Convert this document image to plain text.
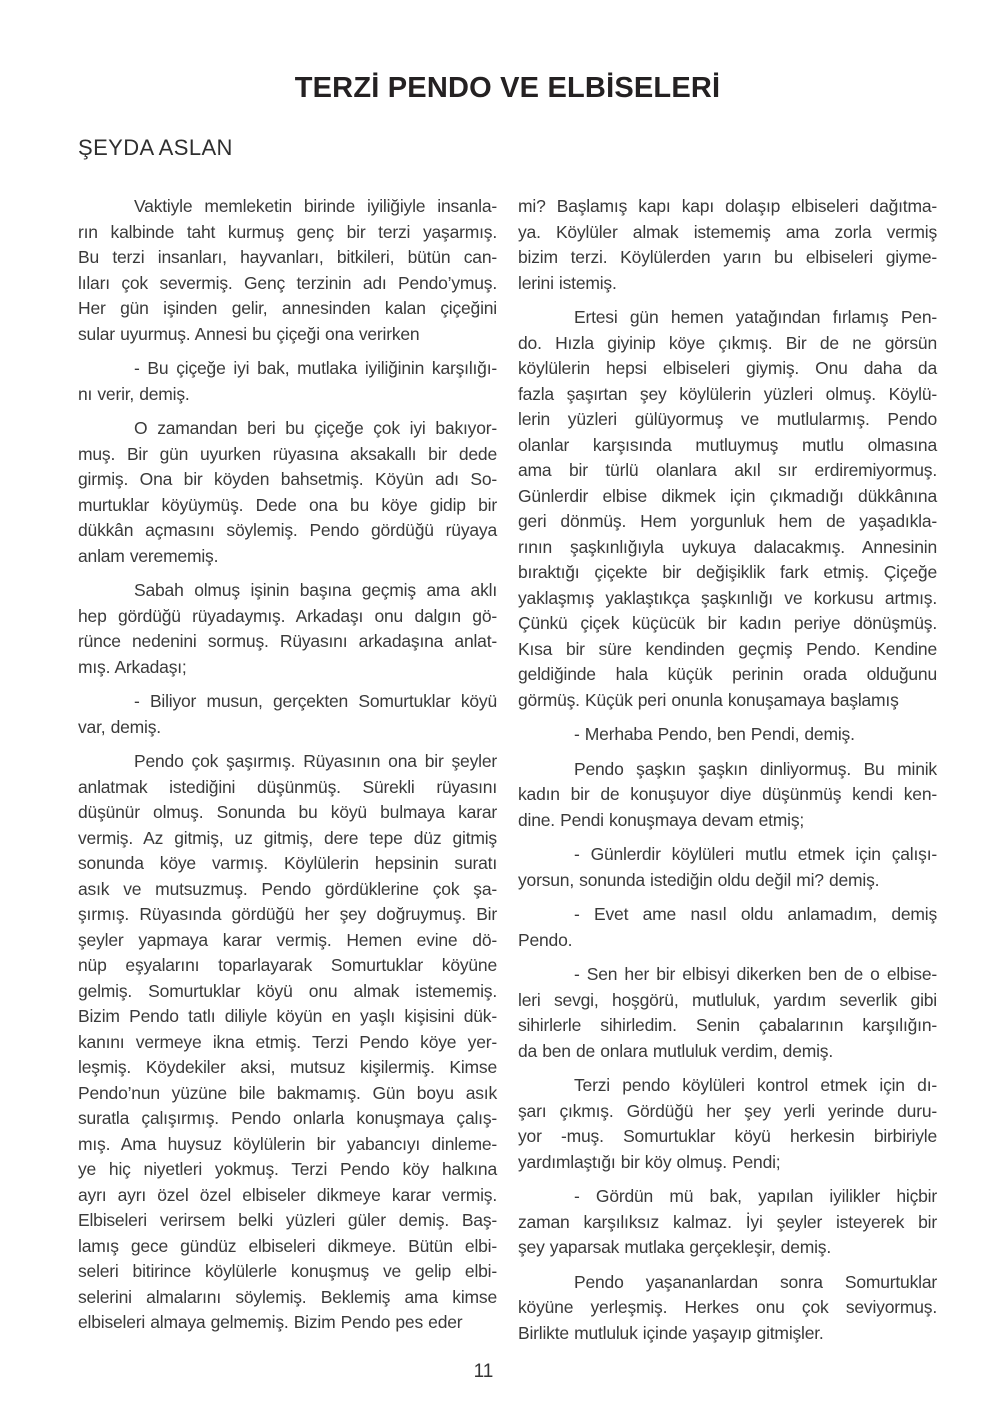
TERZİ PENDO VE ELBİSELERİ
ŞEYDA ASLAN
Vaktiyle memleketin birinde iyiliğiyle insanla-
rın kalbinde taht kurmuş genç bir terzi yaşarmış.
Bu terzi insanları, hayvanları, bitkileri, bütün can-
lıları çok severmiş. Genç terzinin adı Pendo’ymuş.
Her gün işinden gelir, annesinden kalan çiçeğini
sular uyurmuş. Annesi bu çiçeği ona verirken
- Bu çiçeğe iyi bak, mutlaka iyiliğinin karşılığı-
nı verir, demiş.
O zamandan beri bu çiçeğe çok iyi bakıyor-
muş. Bir gün uyurken rüyasına aksakallı bir dede
girmiş. Ona bir köyden bahsetmiş. Köyün adı So-
murtuklar köyüymüş. Dede ona bu köye gidip bir
dükkân açmasını söylemiş. Pendo gördüğü rüyaya
anlam verememiş.
Sabah olmuş işinin başına geçmiş ama aklı
hep gördüğü rüyadaymış. Arkadaşı onu dalgın gö-
rünce nedenini sormuş. Rüyasını arkadaşına anlat-
mış. Arkadaşı;
- Biliyor musun, gerçekten Somurtuklar köyü
var, demiş.
Pendo çok şaşırmış. Rüyasının ona bir şeyler
anlatmak istediğini düşünmüş. Sürekli rüyasını
düşünür olmuş. Sonunda bu köyü bulmaya karar
vermiş. Az gitmiş, uz gitmiş, dere tepe düz gitmiş
sonunda köye varmış. Köylülerin hepsinin suratı
asık ve mutsuzmuş. Pendo gördüklerine çok şa-
şırmış. Rüyasında gördüğü her şey doğruymuş. Bir
şeyler yapmaya karar vermiş. Hemen evine dö-
nüp eşyalarını toparlayarak Somurtuklar köyüne
gelmiş. Somurtuklar köyü onu almak istememiş.
Bizim Pendo tatlı diliyle köyün en yaşlı kişisini dük-
kanını vermeye ikna etmiş. Terzi Pendo köye yer-
leşmiş. Köydekiler aksi, mutsuz kişilermiş. Kimse
Pendo’nun yüzüne bile bakmamış. Gün boyu asık
suratla çalışırmış. Pendo onlarla konuşmaya çalış-
mış. Ama huysuz köylülerin bir yabancıyı dinleme-
ye hiç niyetleri yokmuş. Terzi Pendo köy halkına
ayrı ayrı özel özel elbiseler dikmeye karar vermiş.
Elbiseleri verirsem belki yüzleri güler demiş. Baş-
lamış gece gündüz elbiseleri dikmeye. Bütün elbi-
seleri bitirince köylülerle konuşmuş ve gelip elbi-
selerini almalarını söylemiş. Beklemiş ama kimse
elbiseleri almaya gelmemiş. Bizim Pendo pes eder
mi? Başlamış kapı kapı dolaşıp elbiseleri dağıtma-
ya. Köylüler almak istememiş ama zorla vermiş
bizim terzi. Köylülerden yarın bu elbiseleri giyme-
lerini istemiş.
Ertesi gün hemen yatağından fırlamış Pen-
do. Hızla giyinip köye çıkmış. Bir de ne görsün
köylülerin hepsi elbiseleri giymiş. Onu daha da
fazla şaşırtan şey köylülerin yüzleri olmuş. Köylü-
lerin yüzleri gülüyormuş ve mutlularmış. Pendo
olanlar karşısında mutluymuş mutlu olmasına
ama bir türlü olanlara akıl sır erdiremiyormuş.
Günlerdir elbise dikmek için çıkmadığı dükkânına
geri dönmüş. Hem yorgunluk hem de yaşadıkla-
rının şaşkınlığıyla uykuya dalacakmış. Annesinin
bıraktığı çiçekte bir değişiklik fark etmiş. Çiçeğe
yaklaşmış yaklaştıkça şaşkınlığı ve korkusu artmış.
Çünkü çiçek küçücük bir kadın periye dönüşmüş.
Kısa bir süre kendinden geçmiş Pendo. Kendine
geldiğinde hala küçük perinin orada olduğunu
görmüş. Küçük peri onunla konuşamaya başlamış
- Merhaba Pendo, ben Pendi, demiş.
Pendo şaşkın şaşkın dinliyormuş. Bu minik
kadın bir de konuşuyor diye düşünmüş kendi ken-
dine. Pendi konuşmaya devam etmiş;
- Günlerdir köylüleri mutlu etmek için çalışı-
yorsun, sonunda istediğin oldu değil mi? demiş.
- Evet ame nasıl oldu anlamadım, demiş
Pendo.
- Sen her bir elbisyi dikerken ben de o elbise-
leri sevgi, hoşgörü, mutluluk, yardım severlik gibi
sihirlerle sihirledim. Senin çabalarının karşılığın-
da ben de onlara mutluluk verdim, demiş.
Terzi pendo köylüleri kontrol etmek için dı-
şarı çıkmış. Gördüğü her şey yerli yerinde duru-
yor -muş. Somurtuklar köyü herkesin birbiriyle
yardımlaştığı bir köy olmuş. Pendi;
- Gördün mü bak, yapılan iyilikler hiçbir
zaman karşılıksız kalmaz. İyi şeyler isteyerek bir
şey yaparsak mutlaka gerçekleşir, demiş.
Pendo yaşananlardan sonra Somurtuklar
köyüne yerleşmiş. Herkes onu çok seviyormuş.
Birlikte mutluluk içinde yaşayıp gitmişler.
11
